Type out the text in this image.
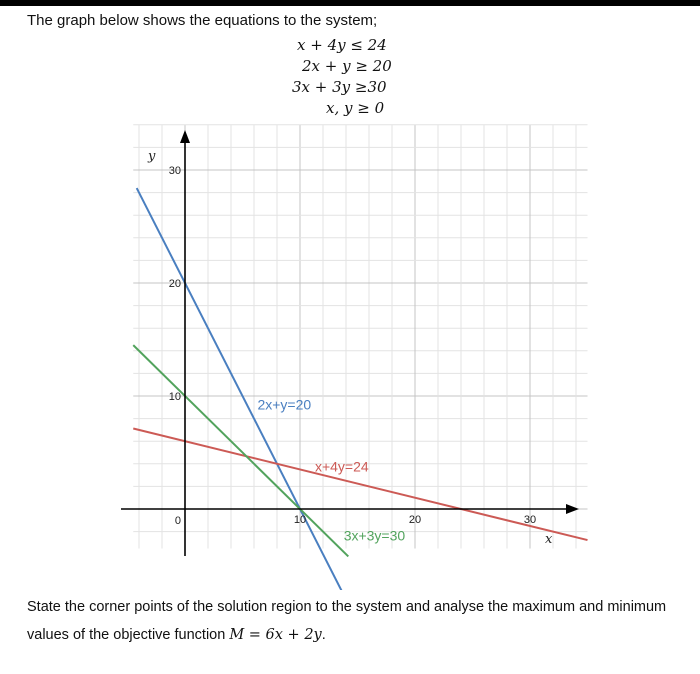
The graph below shows the equations to the system;
x + 4y ≤ 24
2x + y ≥ 20
3x + 3y ≥30
x, y ≥ 0
10	20	30
10
20
30
0
y
x
2x+y=20
x+4y=24
3x+3y=30
State the corner points of the solution region to the system and analyse the maximum and minimum values of the objective function M = 6x + 2y.
